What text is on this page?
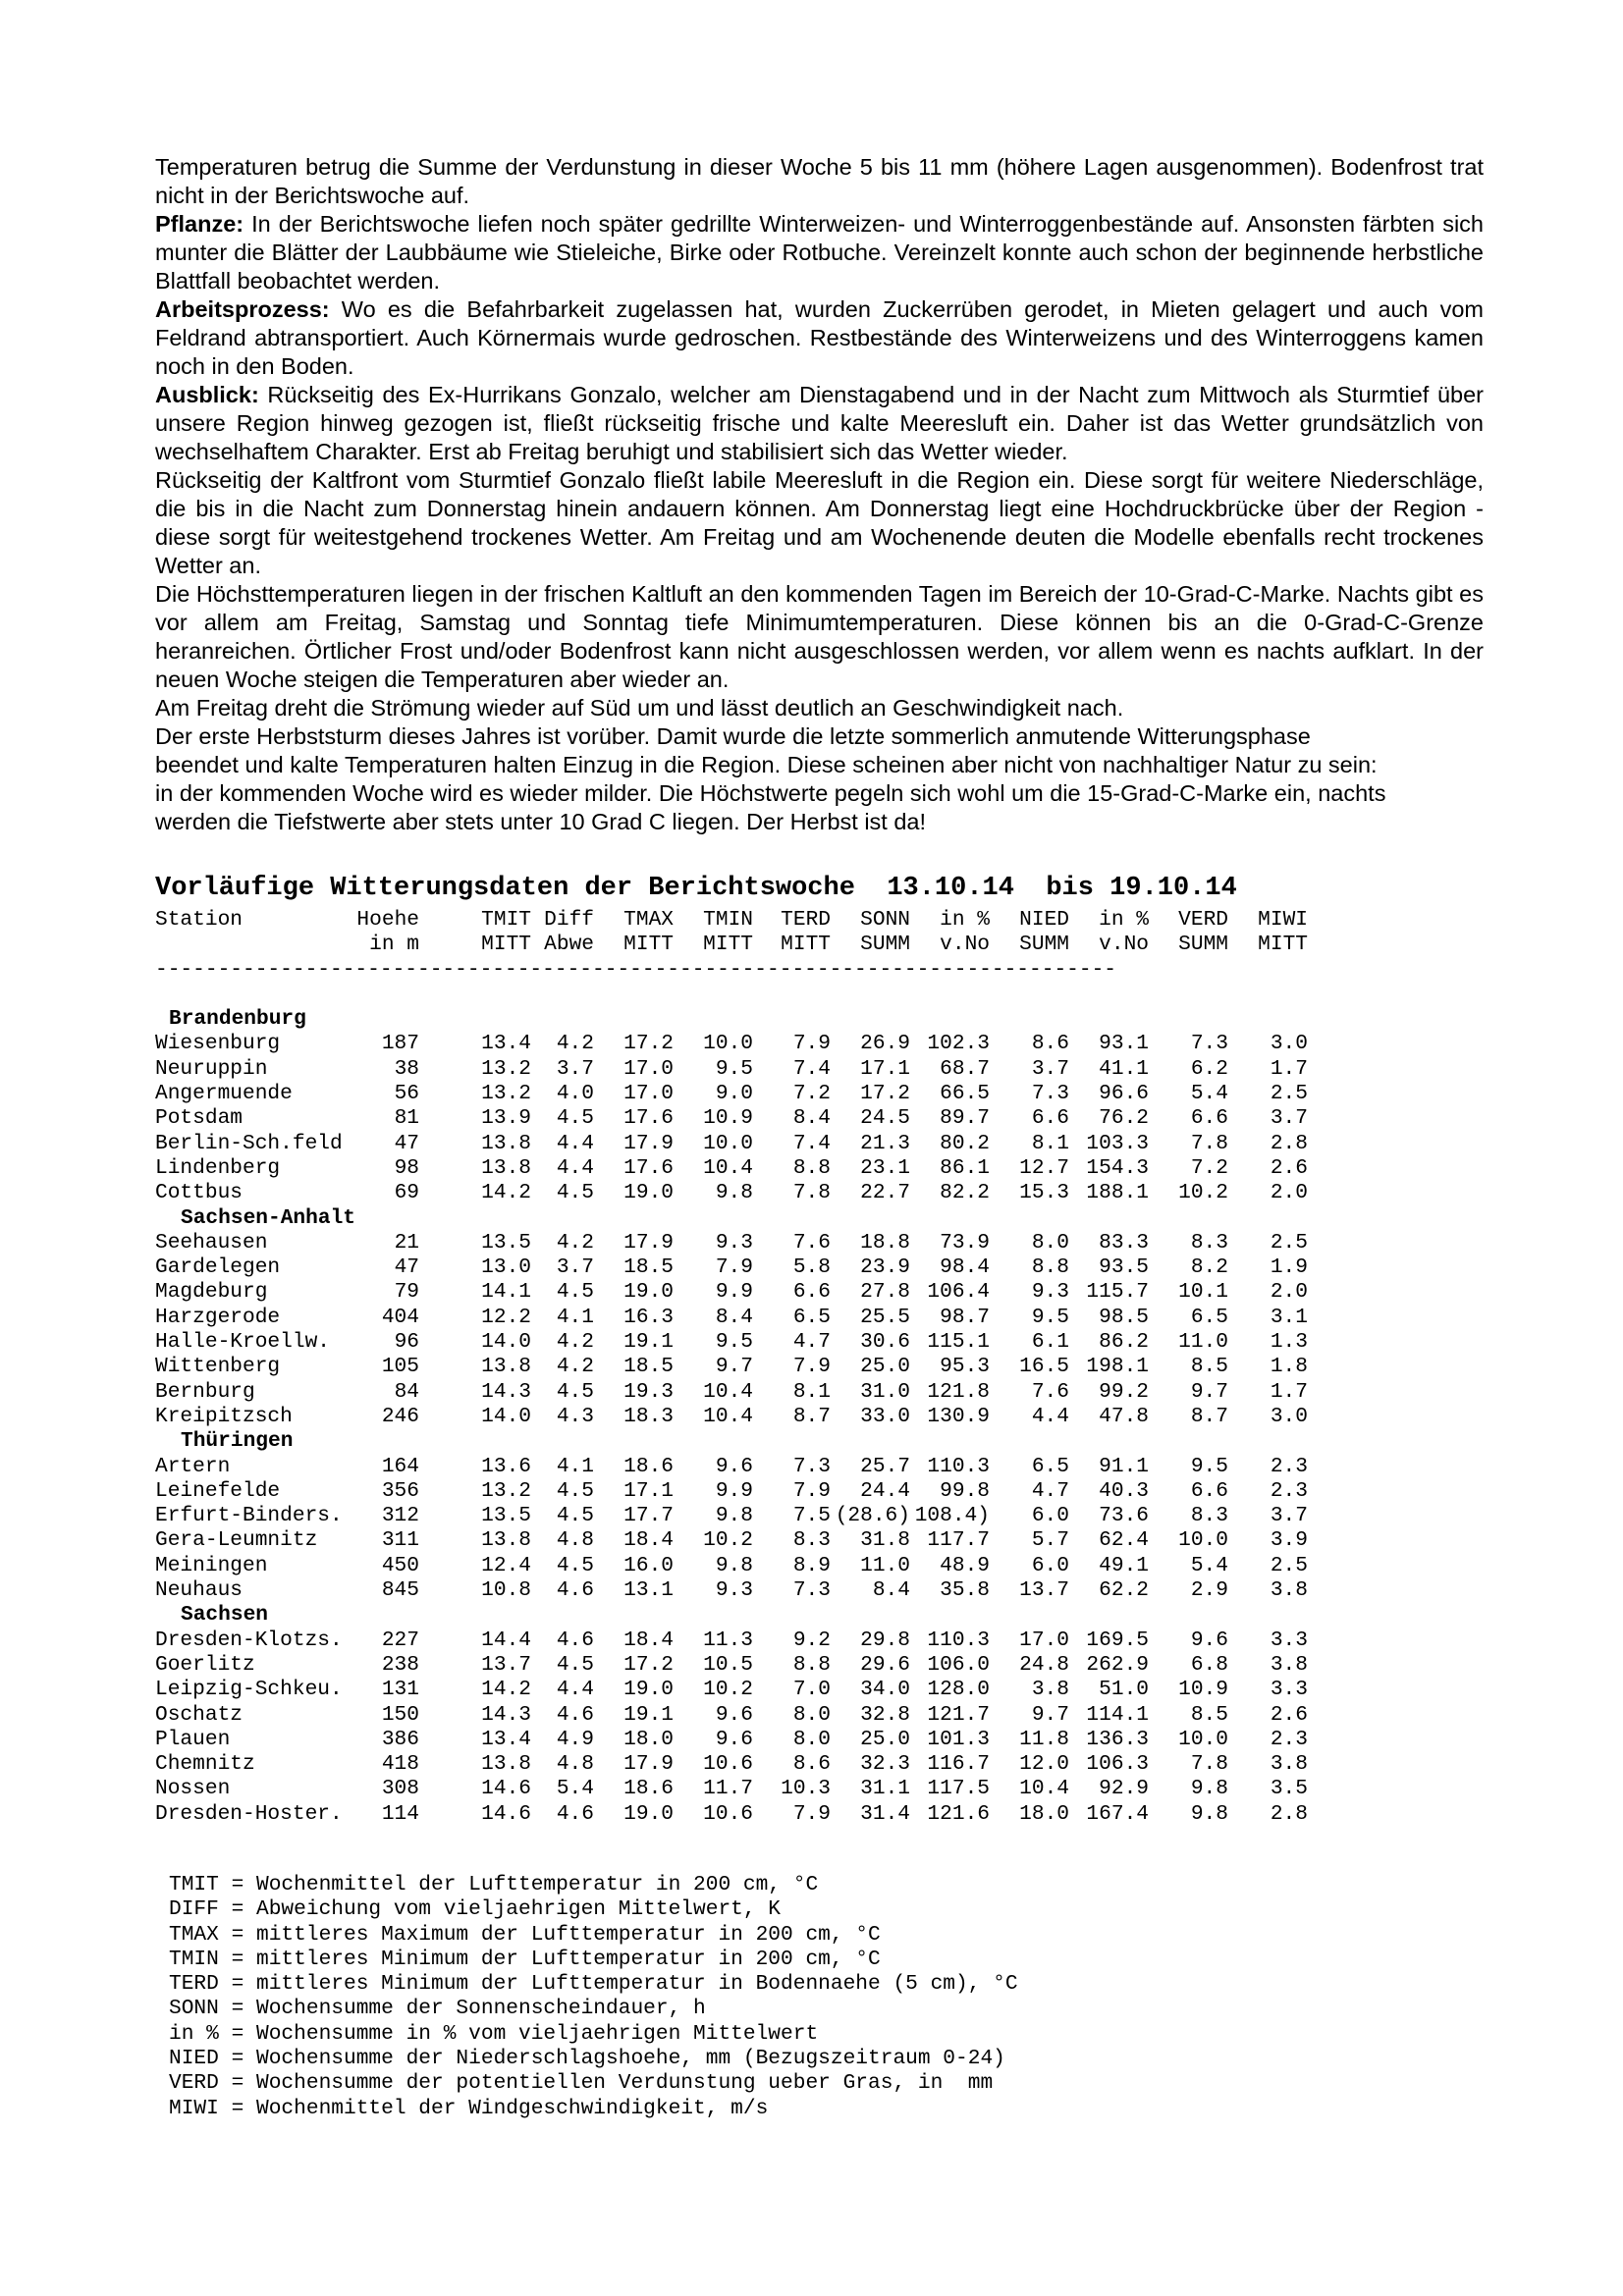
Temperaturen betrug die Summe der Verdunstung in dieser Woche 5 bis 11 mm (höhere Lagen ausgenommen). Bodenfrost trat nicht in der Berichtswoche auf.

Pflanze: In der Berichtswoche liefen noch später gedrillte Winterweizen- und Winterroggenbestände auf. Ansonsten färbten sich munter die Blätter der Laubbäume wie Stieleiche, Birke oder Rotbuche. Vereinzelt konnte auch schon der beginnende herbstliche Blattfall beobachtet werden.

Arbeitsprozess: Wo es die Befahrbarkeit zugelassen hat, wurden Zuckerrüben gerodet, in Mieten gelagert und auch vom Feldrand abtransportiert. Auch Körnermais wurde gedroschen. Restbestände des Winterweizens und des Winterroggens kamen noch in den Boden.

Ausblick: Rückseitig des Ex-Hurrikans Gonzalo, welcher am Dienstagabend und in der Nacht zum Mittwoch als Sturmtief über unsere Region hinweg gezogen ist, fließt rückseitig frische und kalte Meeresluft ein. Daher ist das Wetter grundsätzlich von wechselhaftem Charakter. Erst ab Freitag beruhigt und stabilisiert sich das Wetter wieder.

Rückseitig der Kaltfront vom Sturmtief Gonzalo fließt labile Meeresluft in die Region ein. Diese sorgt für weitere Niederschläge, die bis in die Nacht zum Donnerstag hinein andauern können. Am Donnerstag liegt eine Hochdruckbrücke über der Region - diese sorgt für weitestgehend trockenes Wetter. Am Freitag und am Wochenende deuten die Modelle ebenfalls recht trockenes Wetter an.

Die Höchsttemperaturen liegen in der frischen Kaltluft an den kommenden Tagen im Bereich der 10-Grad-C-Marke. Nachts gibt es vor allem am Freitag, Samstag und Sonntag tiefe Minimumtemperaturen. Diese können bis an die 0-Grad-C-Grenze heranreichen. Örtlicher Frost und/oder Bodenfrost kann nicht ausgeschlossen werden, vor allem wenn es nachts aufklart. In der neuen Woche steigen die Temperaturen aber wieder an.

Am Freitag dreht die Strömung wieder auf Süd um und lässt deutlich an Geschwindigkeit nach.

Der erste Herbststurm dieses Jahres ist vorüber. Damit wurde die letzte sommerlich anmutende Witterungsphase

beendet und kalte Temperaturen halten Einzug in die Region. Diese scheinen aber nicht von nachhaltiger Natur zu sein:

in der kommenden Woche wird es wieder milder. Die Höchstwerte pegeln sich wohl um die 15-Grad-C-Marke ein, nachts

werden die Tiefstwerte aber stets unter 10 Grad C liegen. Der Herbst ist da!

Vorläufige Witterungsdaten der Berichtswoche  13.10.14  bis 19.10.14
Station	Hoehe	TMIT Diff TMAX TMIN TERD SONN in % NIED in % VERD MIWI
in m	MITT Abwe MITT MITT MITT SUMM v.No SUMM v.No SUMM MITT
-----------------------------------------------------------------------------
Brandenburg
Wiesenburg	187	13.4 4.2 17.2 10.0 7.9 26.9 102.3 8.6 93.1 7.3 3.0
Neuruppin	38	13.2 3.7 17.0 9.5 7.4 17.1 68.7 3.7 41.1 6.2 1.7
Angermuende	56	13.2 4.0 17.0 9.0 7.2 17.2 66.5 7.3 96.6 5.4 2.5
Potsdam	81	13.9 4.5 17.6 10.9 8.4 24.5 89.7 6.6 76.2 6.6 3.7
Berlin-Sch.feld 47	13.8 4.4 17.9 10.0 7.4 21.3 80.2 8.1 103.3 7.8 2.8
Lindenberg	98	13.8 4.4 17.6 10.4 8.8 23.1 86.1 12.7 154.3 7.2 2.6
Cottbus	69	14.2 4.5 19.0 9.8 7.8 22.7 82.2 15.3 188.1 10.2 2.0
Sachsen-Anhalt
Seehausen	21	13.5 4.2 17.9 9.3 7.6 18.8 73.9 8.0 83.3 8.3 2.5
Gardelegen	47	13.0 3.7 18.5 7.9 5.8 23.9 98.4 8.8 93.5 8.2 1.9
Magdeburg	79	14.1 4.5 19.0 9.9 6.6 27.8 106.4 9.3 115.7 10.1 2.0
Harzgerode	404	12.2 4.1 16.3 8.4 6.5 25.5 98.7 9.5 98.5 6.5 3.1
Halle-Kroellw.	96	14.0 4.2 19.1 9.5 4.7 30.6 115.1 6.1 86.2 11.0 1.3
Wittenberg	105	13.8 4.2 18.5 9.7 7.9 25.0 95.3 16.5 198.1 8.5 1.8
Bernburg	84	14.3 4.5 19.3 10.4 8.1 31.0 121.8 7.6 99.2 9.7 1.7
Kreipitzsch	246	14.0 4.3 18.3 10.4 8.7 33.0 130.9 4.4 47.8 8.7 3.0
Thüringen
Artern	164	13.6 4.1 18.6 9.6 7.3 25.7 110.3 6.5 91.1 9.5 2.3
Leinefelde	356	13.2 4.5 17.1 9.9 7.9 24.4 99.8 4.7 40.3 6.6 2.3
Erfurt-Binders. 312	13.5 4.5 17.7 9.8 7.5 (28.6) 108.4) 6.0 73.6 8.3 3.7
Gera-Leumnitz	311	13.8 4.8 18.4 10.2 8.3 31.8 117.7 5.7 62.4 10.0 3.9
Meiningen	450	12.4 4.5 16.0 9.8 8.9 11.0 48.9 6.0 49.1 5.4 2.5
Neuhaus	845	10.8 4.6 13.1 9.3 7.3 8.4 35.8 13.7 62.2 2.9 3.8
Sachsen
Dresden-Klotzs. 227	14.4 4.6 18.4 11.3 9.2 29.8 110.3 17.0 169.5 9.6 3.3
Goerlitz	238	13.7 4.5 17.2 10.5 8.8 29.6 106.0 24.8 262.9 6.8 3.8
Leipzig-Schkeu. 131	14.2 4.4 19.0 10.2 7.0 34.0 128.0 3.8 51.0 10.9 3.3
Oschatz	150	14.3 4.6 19.1 9.6 8.0 32.8 121.7 9.7 114.1 8.5 2.6
Plauen	386	13.4 4.9 18.0 9.6 8.0 25.0 101.3 11.8 136.3 10.0 2.3
Chemnitz	418	13.8 4.8 17.9 10.6 8.6 32.3 116.7 12.0 106.3 7.8 3.8
Nossen	308	14.6 5.4 18.6 11.7 10.3 31.1 117.5 10.4 92.9 9.8 3.5
Dresden-Hoster. 114	14.6 4.6 19.0 10.6 7.9 31.4 121.6 18.0 167.4 9.8 2.8
TMIT = Wochenmittel der Lufttemperatur in 200 cm, °C
DIFF = Abweichung vom vieljaehrigen Mittelwert, K
TMAX = mittleres Maximum der Lufttemperatur in 200 cm, °C
TMIN = mittleres Minimum der Lufttemperatur in 200 cm, °C
TERD = mittleres Minimum der Lufttemperatur in Bodennaehe (5 cm), °C
SONN = Wochensumme der Sonnenscheindauer, h
in % = Wochensumme in % vom vieljaehrigen Mittelwert
NIED = Wochensumme der Niederschlagshoehe, mm (Bezugszeitraum 0-24)
VERD = Wochensumme der potentiellen Verdunstung ueber Gras, in  mm
MIWI = Wochenmittel der Windgeschwindigkeit, m/s
